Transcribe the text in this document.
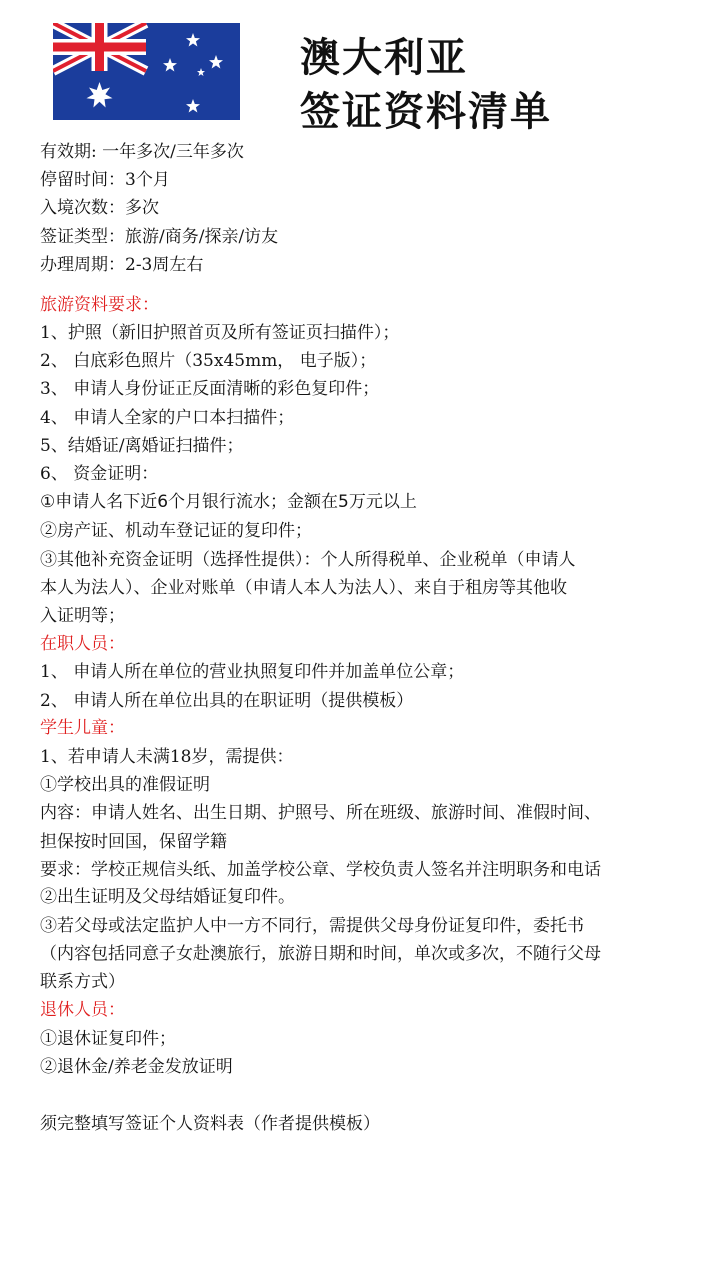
澳大利亚
签证资料清单
有效期: 一年多次/三年多次
停留时间：3个月
入境次数：多次
签证类型：旅游/商务/探亲/访友
办理周期：2-3周左右
旅游资料要求：
1、护照（新旧护照首页及所有签证页扫描件）；
2、 白底彩色照片（35x45mm， 电子版）；
3、 申请人身份证正反面清晰的彩色复印件；
4、 申请人全家的户口本扫描件；
5、结婚证/离婚证扫描件；
6、 资金证明：
①申请人名下近6个月银行流水；金额在5万元以上
②房产证、机动车登记证的复印件；
③其他补充资金证明（选择性提供）：个人所得税单、企业税单（申请人
本人为法人）、企业对账单（申请人本人为法人）、来自于租房等其他收
入证明等；
在职人员：
1、 申请人所在单位的营业执照复印件并加盖单位公章；
2、 申请人所在单位出具的在职证明（提供模板）
学生儿童：
1、若申请人未满18岁，需提供：
①学校出具的准假证明
内容：申请人姓名、出生日期、护照号、所在班级、旅游时间、准假时间、
担保按时回国，保留学籍
要求：学校正规信头纸、加盖学校公章、学校负责人签名并注明职务和电话
②出生证明及父母结婚证复印件。
③若父母或法定监护人中一方不同行，需提供父母身份证复印件，委托书
（内容包括同意子女赴澳旅行，旅游日期和时间，单次或多次，不随行父母
联系方式）
退休人员：
①退休证复印件；
②退休金/养老金发放证明
须完整填写签证个人资料表（作者提供模板）
